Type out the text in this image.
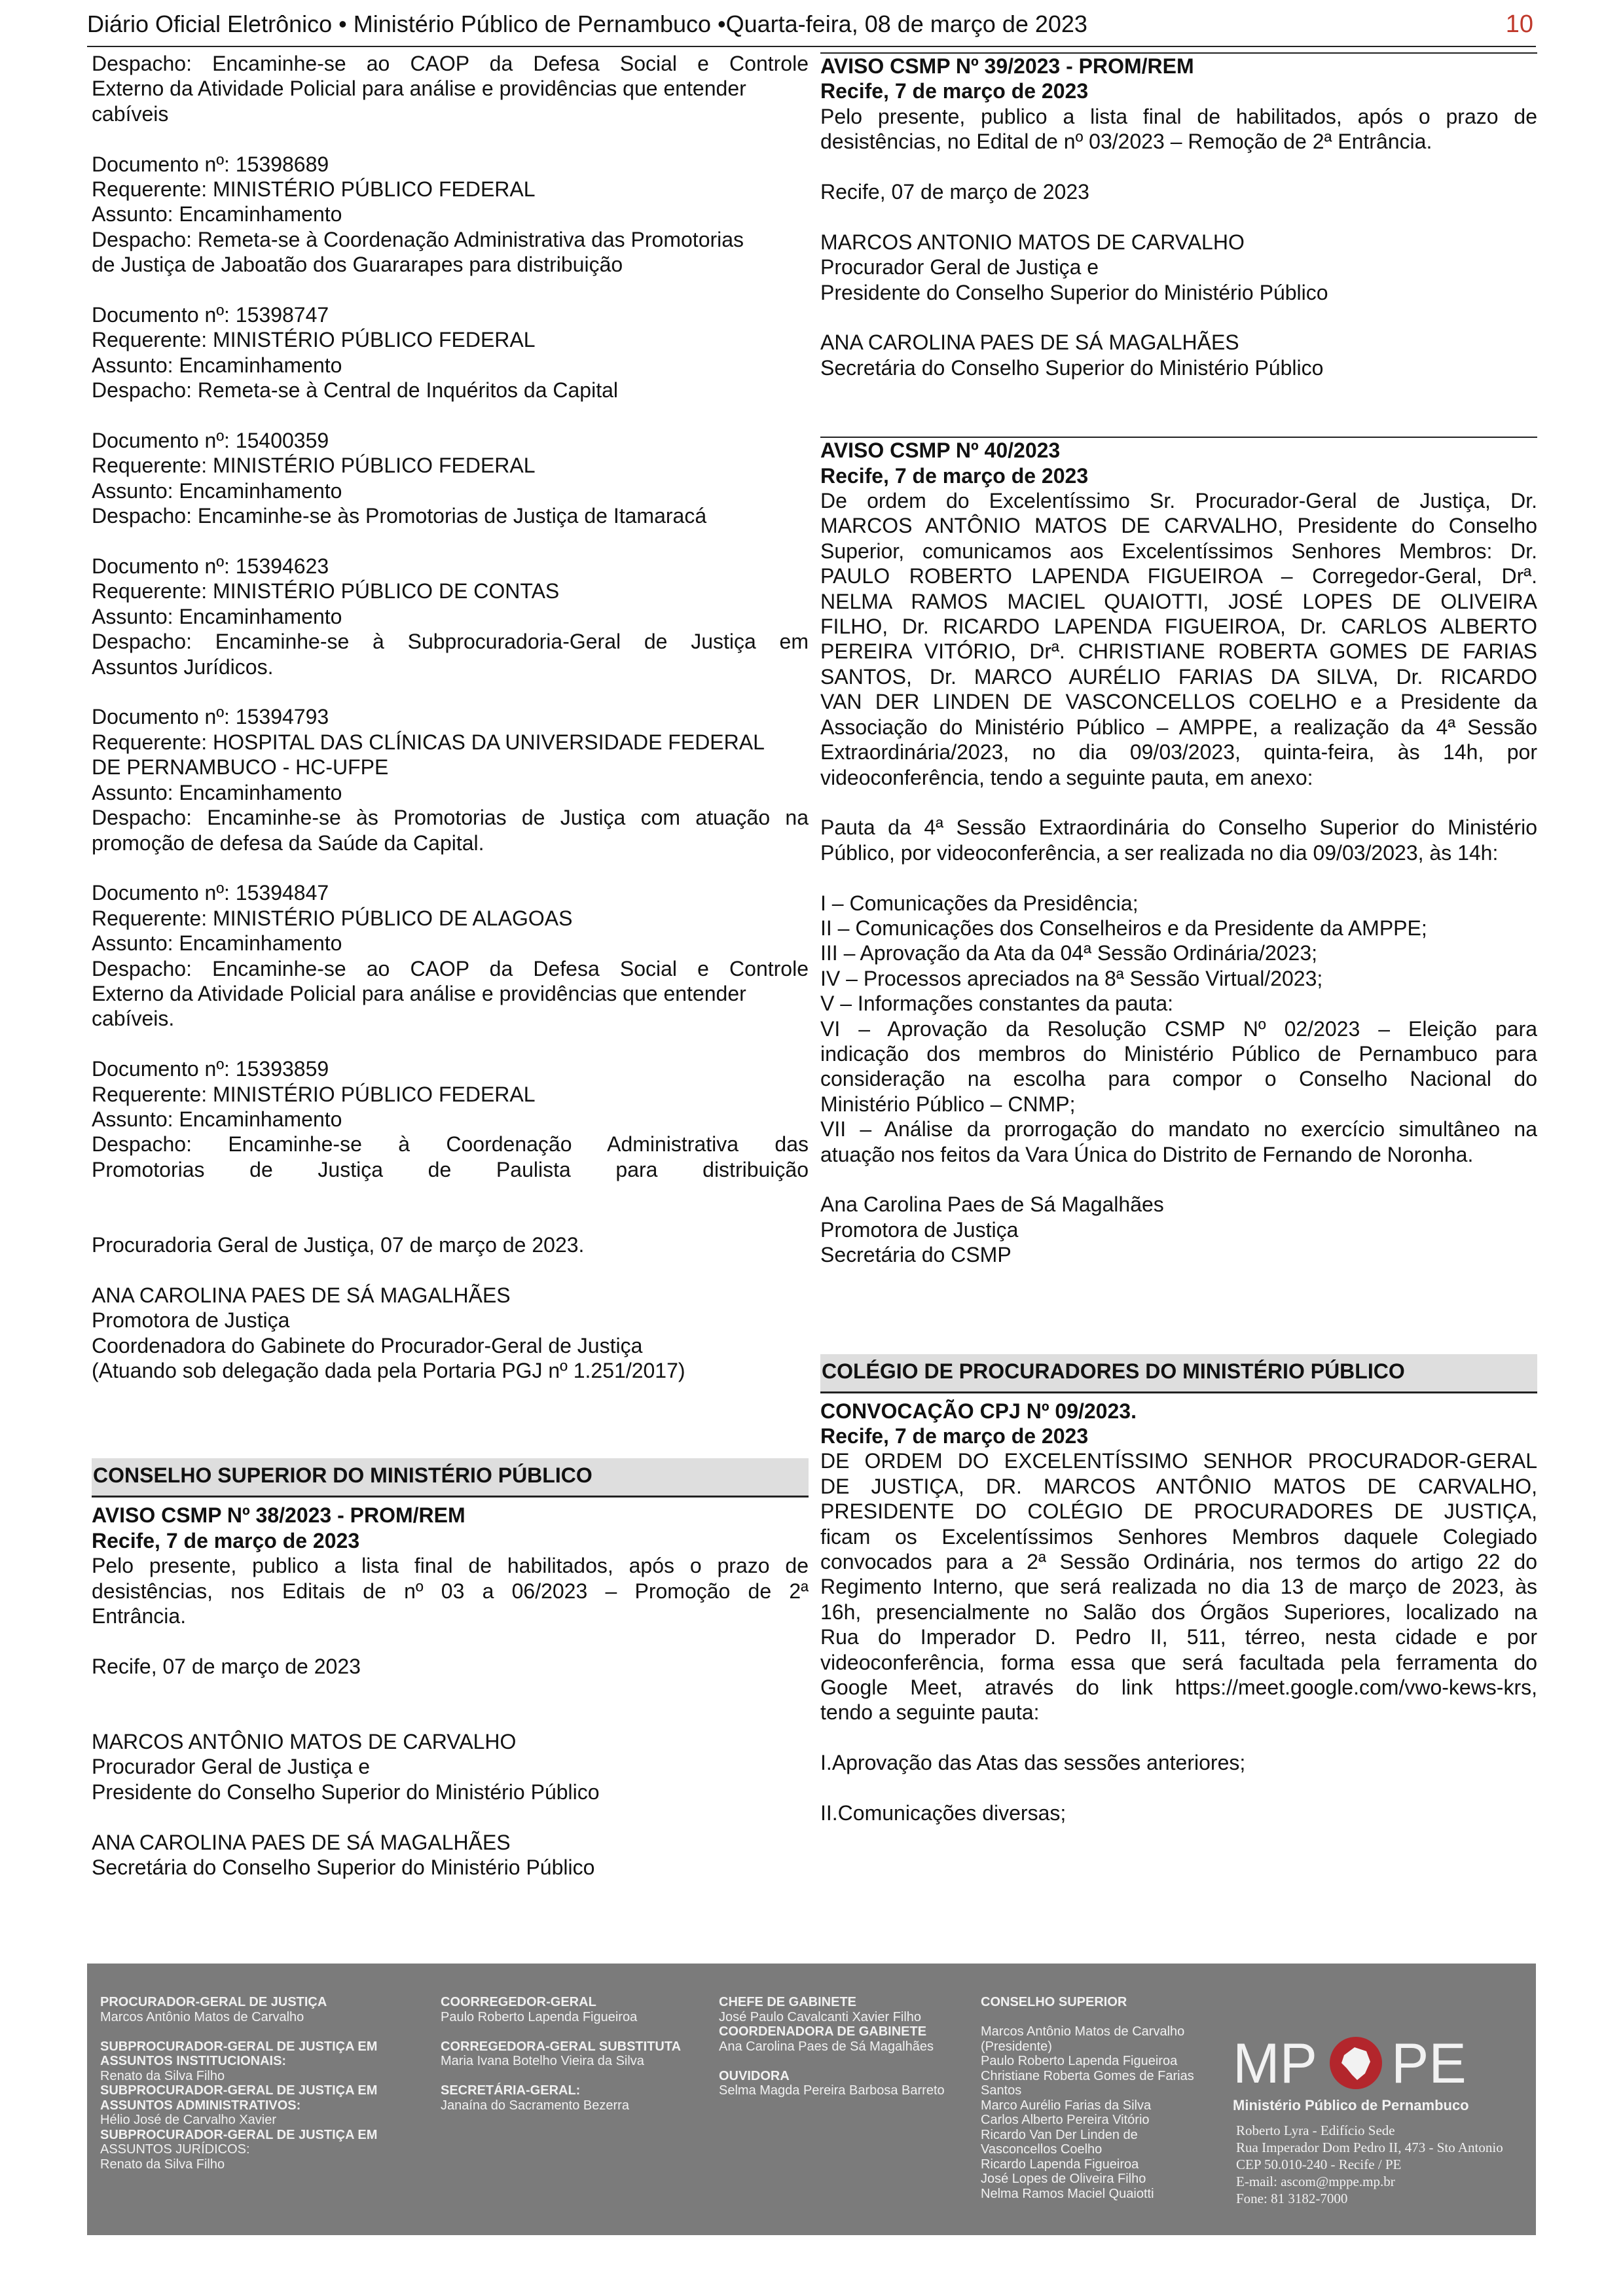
Diário Oficial Eletrônico • Ministério Público de Pernambuco •Quarta-feira, 08 de março de 2023	10
Despacho: Encaminhe-se ao CAOP da Defesa Social e Controle
Externo da Atividade Policial para análise e providências que entender
cabíveis
Documento nº: 15398689
Requerente: MINISTÉRIO PÚBLICO FEDERAL
Assunto: Encaminhamento
Despacho: Remeta-se à Coordenação Administrativa das Promotorias
de Justiça de Jaboatão dos Guararapes para distribuição
Documento nº: 15398747
Requerente: MINISTÉRIO PÚBLICO FEDERAL
Assunto: Encaminhamento
Despacho: Remeta-se à Central de Inquéritos da Capital
Documento nº: 15400359
Requerente: MINISTÉRIO PÚBLICO FEDERAL
Assunto: Encaminhamento
Despacho: Encaminhe-se às Promotorias de Justiça de Itamaracá
Documento nº: 15394623
Requerente: MINISTÉRIO PÚBLICO DE CONTAS
Assunto: Encaminhamento
Despacho: Encaminhe-se à Subprocuradoria-Geral de Justiça em
Assuntos Jurídicos.
Documento nº: 15394793
Requerente: HOSPITAL DAS CLÍNICAS DA UNIVERSIDADE FEDERAL
DE PERNAMBUCO - HC-UFPE
Assunto: Encaminhamento
Despacho: Encaminhe-se às Promotorias de Justiça com atuação na
promoção de defesa da Saúde da Capital.
Documento nº: 15394847
Requerente: MINISTÉRIO PÚBLICO DE ALAGOAS
Assunto: Encaminhamento
Despacho: Encaminhe-se ao CAOP da Defesa Social e Controle
Externo da Atividade Policial para análise e providências que entender
cabíveis.
Documento nº: 15393859
Requerente: MINISTÉRIO PÚBLICO FEDERAL
Assunto: Encaminhamento
Despacho: Encaminhe-se à Coordenação Administrativa das
Promotorias de Justiça de Paulista para distribuição
Procuradoria Geral de Justiça, 07 de março de 2023.
ANA CAROLINA PAES DE SÁ MAGALHÃES
Promotora de Justiça
Coordenadora do Gabinete do Procurador-Geral de Justiça
(Atuando sob delegação dada pela Portaria PGJ nº 1.251/2017)
CONSELHO SUPERIOR DO MINISTÉRIO PÚBLICO
AVISO CSMP Nº 38/2023 - PROM/REM
Recife, 7 de março de 2023
Pelo presente, publico a lista final de habilitados, após o prazo de
desistências, nos Editais de nº 03 a 06/2023 – Promoção de 2ª
Entrância.
Recife, 07 de março de 2023
MARCOS ANTÔNIO MATOS DE CARVALHO
Procurador Geral de Justiça e
Presidente do Conselho Superior do Ministério Público
ANA CAROLINA PAES DE SÁ MAGALHÃES
Secretária do Conselho Superior do Ministério Público
AVISO CSMP Nº 39/2023 - PROM/REM
Recife, 7 de março de 2023
Pelo presente, publico a lista final de habilitados, após o prazo de
desistências, no Edital de nº 03/2023 – Remoção de 2ª Entrância.
Recife, 07 de março de 2023
MARCOS ANTONIO MATOS DE CARVALHO
Procurador Geral de Justiça e
Presidente do Conselho Superior do Ministério Público
ANA CAROLINA PAES DE SÁ MAGALHÃES
Secretária do Conselho Superior do Ministério Público
AVISO CSMP Nº 40/2023
Recife, 7 de março de 2023
De ordem do Excelentíssimo Sr. Procurador-Geral de Justiça, Dr.
MARCOS ANTÔNIO MATOS DE CARVALHO, Presidente do Conselho
Superior, comunicamos aos Excelentíssimos Senhores Membros: Dr.
PAULO ROBERTO LAPENDA FIGUEIROA – Corregedor-Geral, Drª.
NELMA RAMOS MACIEL QUAIOTTI, JOSÉ LOPES DE OLIVEIRA
FILHO, Dr. RICARDO LAPENDA FIGUEIROA, Dr. CARLOS ALBERTO
PEREIRA VITÓRIO, Drª. CHRISTIANE ROBERTA GOMES DE FARIAS
SANTOS, Dr. MARCO AURÉLIO FARIAS DA SILVA, Dr. RICARDO
VAN DER LINDEN DE VASCONCELLOS COELHO e a Presidente da
Associação do Ministério Público – AMPPE, a realização da 4ª Sessão
Extraordinária/2023, no dia 09/03/2023, quinta-feira, às 14h, por
videoconferência, tendo a seguinte pauta, em anexo:
Pauta da 4ª Sessão Extraordinária do Conselho Superior do Ministério
Público, por videoconferência, a ser realizada no dia 09/03/2023, às 14h:
I – Comunicações da Presidência;
II – Comunicações dos Conselheiros e da Presidente da AMPPE;
III – Aprovação da Ata da 04ª Sessão Ordinária/2023;
IV – Processos apreciados na 8ª Sessão Virtual/2023;
V – Informações constantes da pauta:
VI – Aprovação da Resolução CSMP Nº 02/2023 – Eleição para
indicação dos membros do Ministério Público de Pernambuco para
consideração na escolha para compor o Conselho Nacional do
Ministério Público – CNMP;
VII – Análise da prorrogação do mandato no exercício simultâneo na
atuação nos feitos da Vara Única do Distrito de Fernando de Noronha.
Ana Carolina Paes de Sá Magalhães
Promotora de Justiça
Secretária do CSMP
COLÉGIO DE PROCURADORES DO MINISTÉRIO PÚBLICO
CONVOCAÇÃO CPJ Nº 09/2023.
Recife, 7 de março de 2023
DE ORDEM DO EXCELENTÍSSIMO SENHOR PROCURADOR-GERAL
DE JUSTIÇA, DR. MARCOS ANTÔNIO MATOS DE CARVALHO,
PRESIDENTE DO COLÉGIO DE PROCURADORES DE JUSTIÇA,
ficam os Excelentíssimos Senhores Membros daquele Colegiado
convocados para a 2ª Sessão Ordinária, nos termos do artigo 22 do
Regimento Interno, que será realizada no dia 13 de março de 2023, às
16h, presencialmente no Salão dos Órgãos Superiores, localizado na
Rua do Imperador D. Pedro II, 511, térreo, nesta cidade e por
videoconferência, forma essa que será facultada pela ferramenta do
Google Meet, através do link https://meet.google.com/vwo-kews-krs,
tendo a seguinte pauta:
I.Aprovação das Atas das sessões anteriores;
II.Comunicações diversas;
PROCURADOR-GERAL DE JUSTIÇA
Marcos Antônio Matos de Carvalho
SUBPROCURADOR-GERAL DE JUSTIÇA EM
ASSUNTOS INSTITUCIONAIS:
Renato da Silva Filho
SUBPROCURADOR-GERAL DE JUSTIÇA EM
ASSUNTOS ADMINISTRATIVOS:
Hélio José de Carvalho Xavier
SUBPROCURADOR-GERAL DE JUSTIÇA EM
ASSUNTOS JURÍDICOS:
Renato da Silva Filho
COORREGEDOR-GERAL
Paulo Roberto Lapenda Figueiroa
CORREGEDORA-GERAL SUBSTITUTA
Maria Ivana Botelho Vieira da Silva
SECRETÁRIA-GERAL:
Janaína do Sacramento Bezerra
CHEFE DE GABINETE
José Paulo Cavalcanti Xavier Filho
COORDENADORA DE GABINETE
Ana Carolina Paes de Sá Magalhães
OUVIDORA
Selma Magda Pereira Barbosa Barreto
CONSELHO SUPERIOR
Marcos Antônio Matos de Carvalho
(Presidente)
Paulo Roberto Lapenda Figueiroa
Christiane Roberta Gomes de Farias
Santos
Marco Aurélio Farias da Silva
Carlos Alberto Pereira Vitório
Ricardo Van Der Linden de
Vasconcellos Coelho
Ricardo Lapenda Figueiroa
José Lopes de Oliveira Filho
Nelma Ramos Maciel Quaiotti
MP PE
Ministério Público de Pernambuco
Roberto Lyra - Edifício Sede
Rua Imperador Dom Pedro II, 473 - Sto Antonio
CEP 50.010-240 - Recife / PE
E-mail: ascom@mppe.mp.br
Fone: 81 3182-7000
